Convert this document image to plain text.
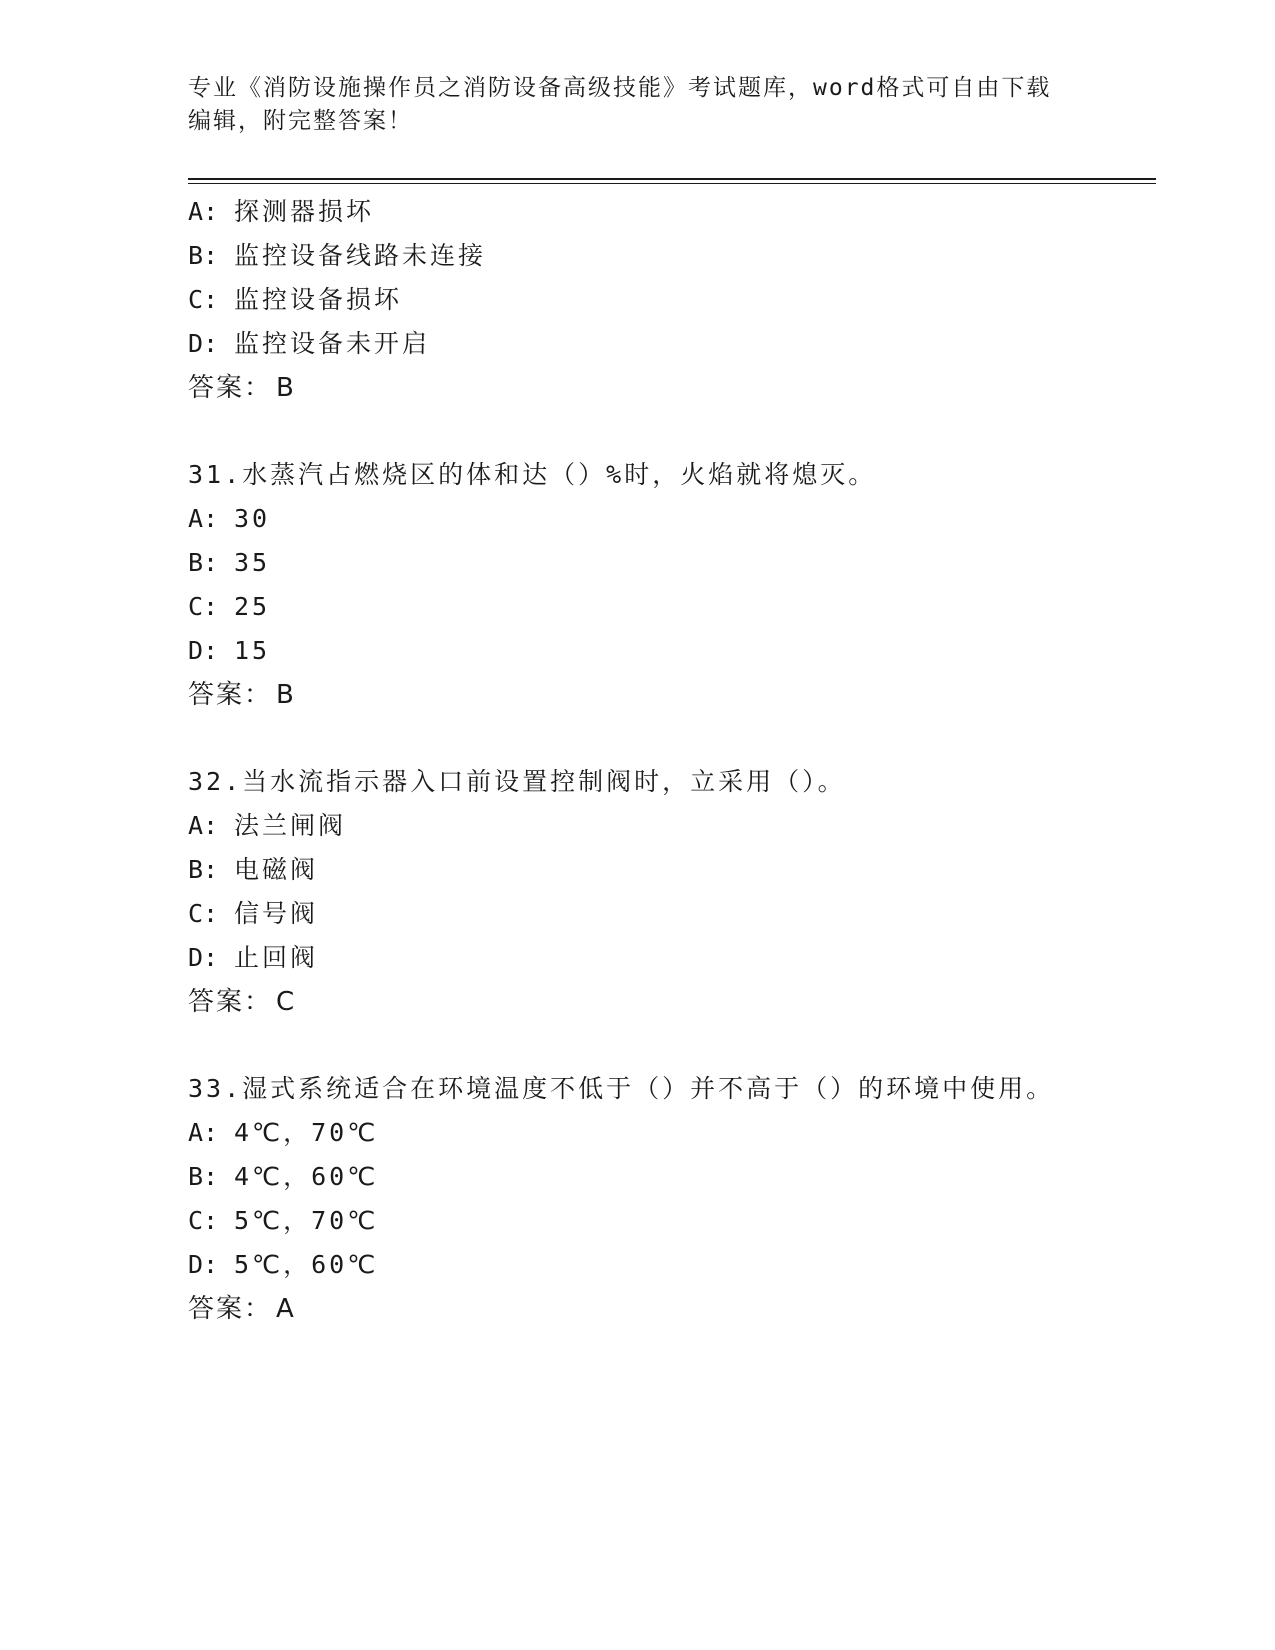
专业《消防设施操作员之消防设备高级技能》考试题库，word格式可自由下载编辑，附完整答案！
A: 探测器损坏
B: 监控设备线路未连接
C: 监控设备损坏
D: 监控设备未开启
答案： B
31.水蒸汽占燃烧区的体和达（）%时，火焰就将熄灭。
A: 30
B: 35
C: 25
D: 15
答案： B
32.当水流指示器入口前设置控制阀时，立采用（）。
A: 法兰闸阀
B: 电磁阀
C: 信号阀
D: 止回阀
答案： C
33.湿式系统适合在环境温度不低于（）并不高于（）的环境中使用。
A: 4℃，70℃
B: 4℃，60℃
C: 5℃，70℃
D: 5℃，60℃
答案： A
